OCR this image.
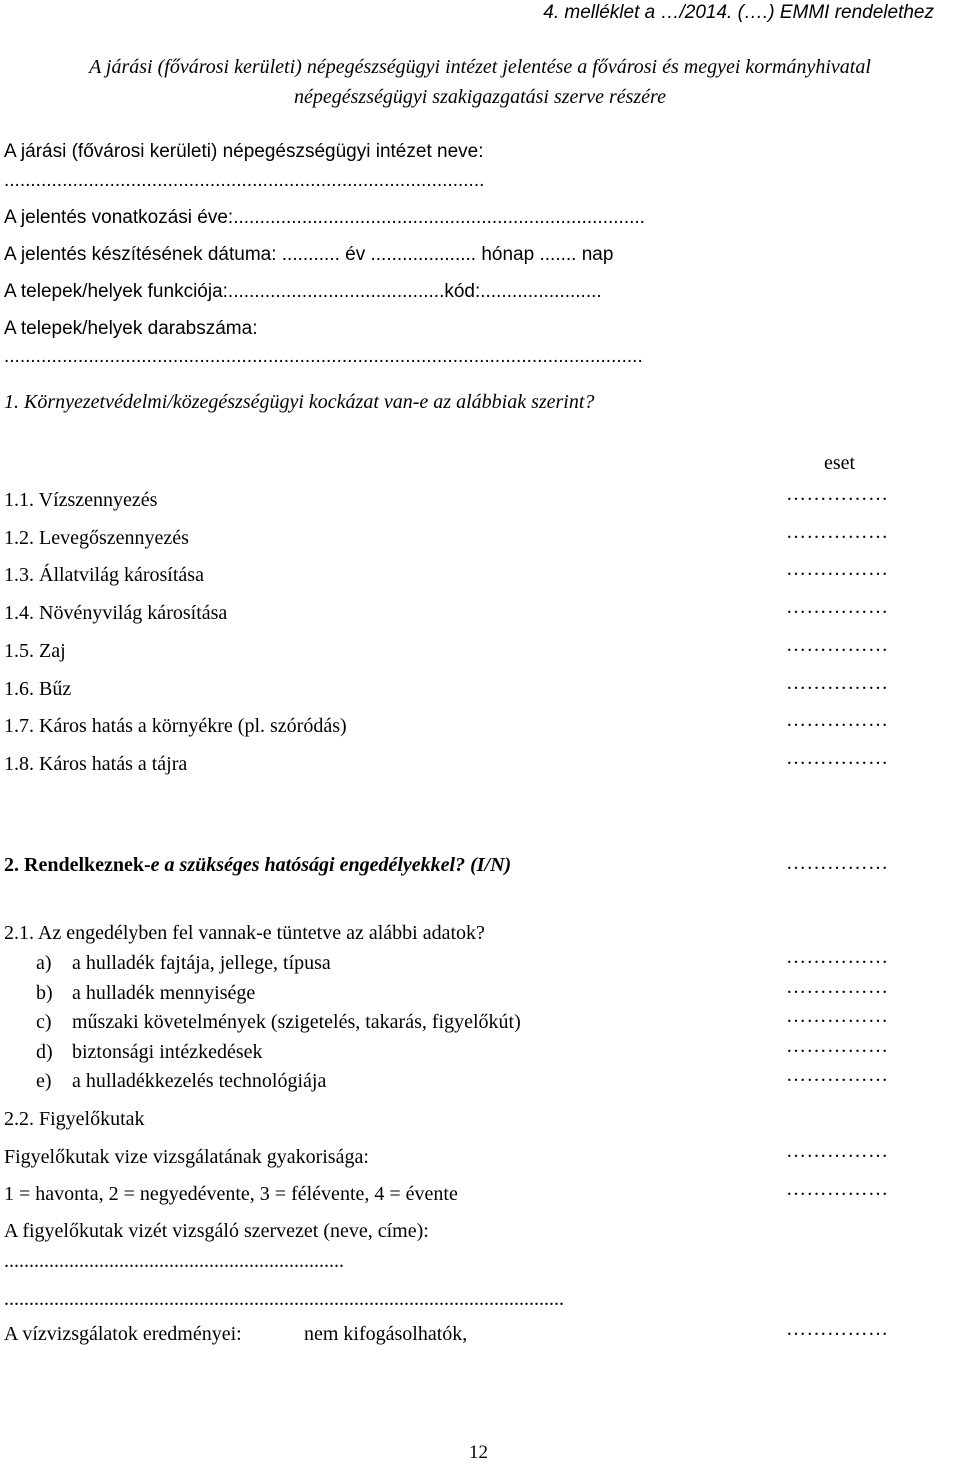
4. melléklet a …/2014. (….) EMMI rendelethez
A járási (fővárosi kerületi) népegészségügyi intézet jelentése a fővárosi és megyei kormányhivatal
népegészségügyi szakigazgatási szerve részére
A járási (fővárosi kerületi) népegészségügyi intézet neve:
...........................................................................................
A jelentés vonatkozási éve:..............................................................................
A jelentés készítésének dátuma: ........... év .................... hónap ....... nap
A telepek/helyek funkciója:.........................................kód:.......................
A telepek/helyek darabszáma:
.........................................................................................................................
1. Környezetvédelmi/közegészségügyi kockázat van-e az alábbiak szerint?
eset
1.1. Vízszennyezés	……………
1.2. Levegőszennyezés	……………
1.3. Állatvilág károsítása	……………
1.4. Növényvilág károsítása	……………
1.5. Zaj	……………
1.6. Bűz	……………
1.7. Káros hatás a környékre (pl. szóródás)	……………
1.8. Káros hatás a tájra	……………
2. Rendelkeznek-e a szükséges hatósági engedélyekkel? (I/N)	……………
2.1. Az engedélyben fel vannak-e tüntetve az alábbi adatok?
a) a hulladék fajtája, jellege, típusa	……………
b) a hulladék mennyisége	……………
c) műszaki követelmények (szigetelés, takarás, figyelőkút)	……………
d) biztonsági intézkedések	……………
e) a hulladékkezelés technológiája	……………
2.2. Figyelőkutak
Figyelőkutak vize vizsgálatának gyakorisága:	……………
1 = havonta, 2 = negyedévente, 3 = félévente, 4 = évente	……………
A figyelőkutak vizét vizsgáló szervezet (neve, címe):
....................................................................
................................................................................................................
A vízvizsgálatok eredményei:	nem kifogásolhatók,	……………
12
